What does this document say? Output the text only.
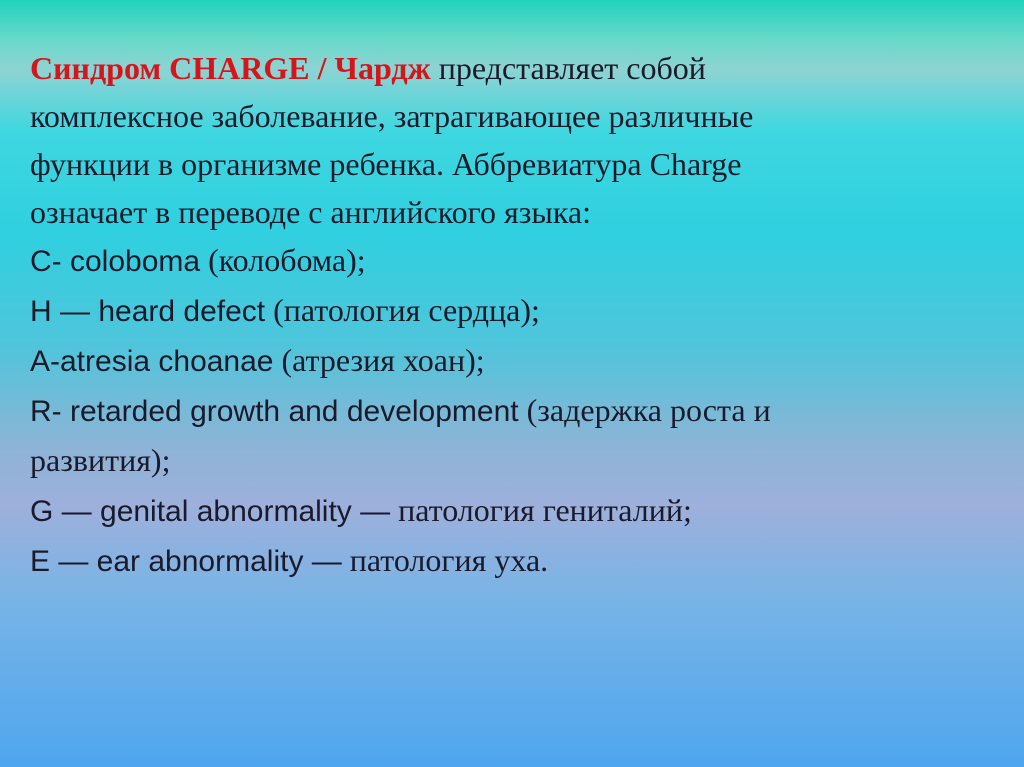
Синдром CHARGE / Чардж представляет собой
комплексное заболевание, затрагивающее различные
функции в организме ребенка. Аббревиатура Charge
означает в переводе с английского языка:
C- coloboma (колобома);
H — heard defect (патология сердца);
A-atresia choanae (атрезия хоан);
R- retarded growth and development (задержка роста и
развития);
G — genital abnormality — патология гениталий;
E — ear abnormality — патология уха.
